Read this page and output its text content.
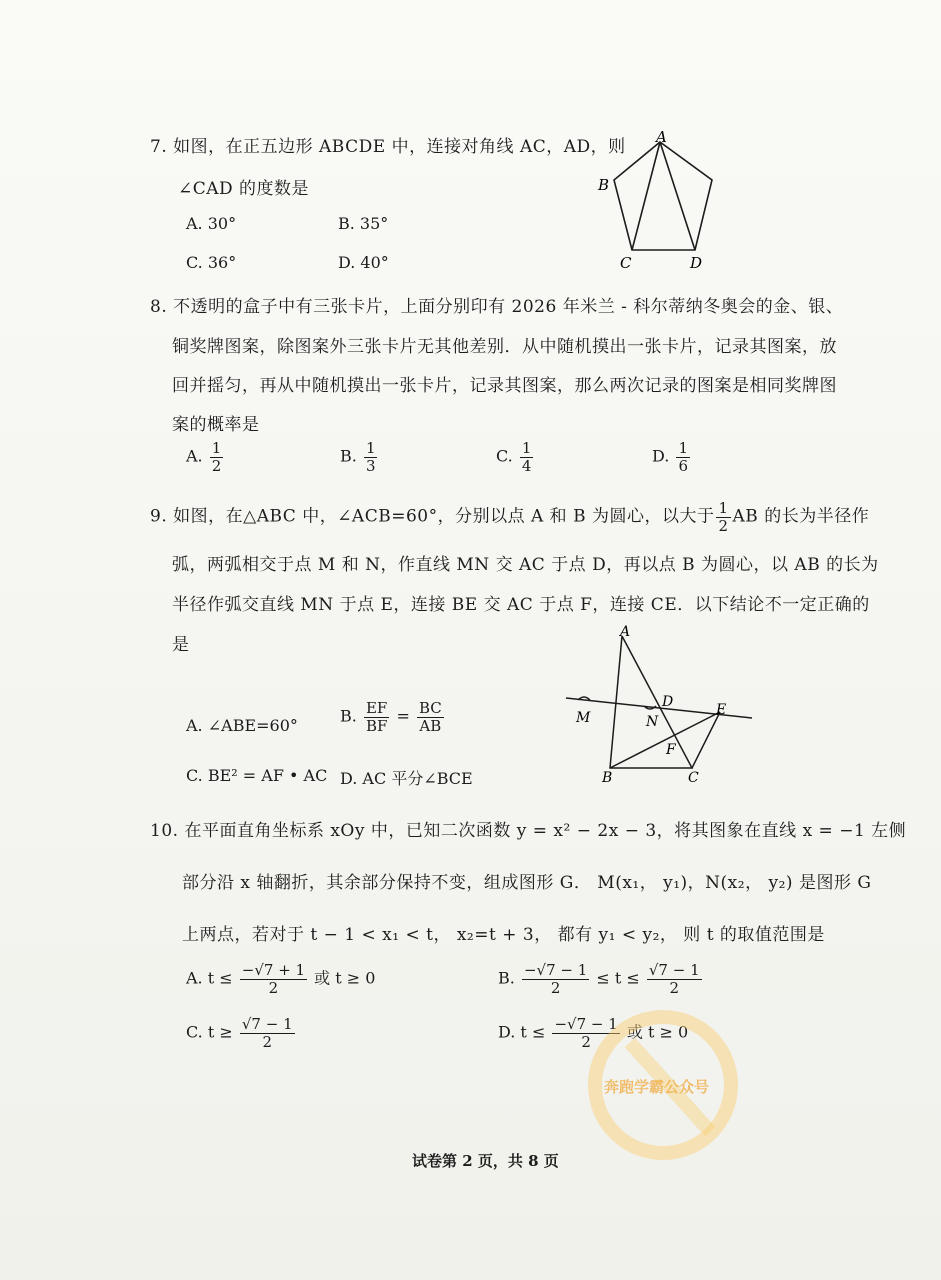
7. 如图，在正五边形 ABCDE 中，连接对角线 AC，AD，则
∠CAD 的度数是
A. 30°	B. 35°
C. 36°	D. 40°
A
B
C	D
8. 不透明的盒子中有三张卡片，上面分别印有 2026 年米兰 - 科尔蒂纳冬奥会的金、银、
铜奖牌图案，除图案外三张卡片无其他差别．从中随机摸出一张卡片，记录其图案，放
回并摇匀，再从中随机摸出一张卡片，记录其图案，那么两次记录的图案是相同奖牌图
案的概率是
A. $\frac{1}{2}$	B. $\frac{1}{3}$	C. $\frac{1}{4}$	D. $\frac{1}{6}$
9. 如图，在△ABC 中，∠ACB=60°，分别以点 A 和 B 为圆心，以大于 $\frac{1}{2}$ AB 的长为半径作
弧，两弧相交于点 M 和 N，作直线 MN 交 AC 于点 D，再以点 B 为圆心，以 AB 的长为
半径作弧交直线 MN 于点 E，连接 BE 交 AC 于点 F，连接 CE．以下结论不一定正确的
是
A. ∠ABE=60°	B. $\frac{EF}{BF} = \frac{BC}{AB}$
C. BE² = AF • AC D. AC 平分∠BCE
A
D
M	N
E
F
B	C
10. 在平面直角坐标系 xOy 中，已知二次函数 y = x² − 2x − 3，将其图象在直线 x = −1 左侧
部分沿 x 轴翻折，其余部分保持不变，组成图形 G． M(x₁， y₁)，N(x₂， y₂) 是图形 G
上两点，若对于 t − 1 < x₁ < t， x₂=t + 3， 都有 y₁ < y₂， 则 t 的取值范围是
A. $t \le \frac{-√7 + 1}{2}$ 或 t ≥ 0	B. $\frac{-√7 - 1}{2} \le t \le \frac{√7 - 1}{2}$
C. $t \ge \frac{√7 - 1}{2}$	D. $t \le \frac{-√7 - 1}{2}$ 或 t ≥ 0
奔跑学霸公众号
试卷第 2 页，共 8 页
